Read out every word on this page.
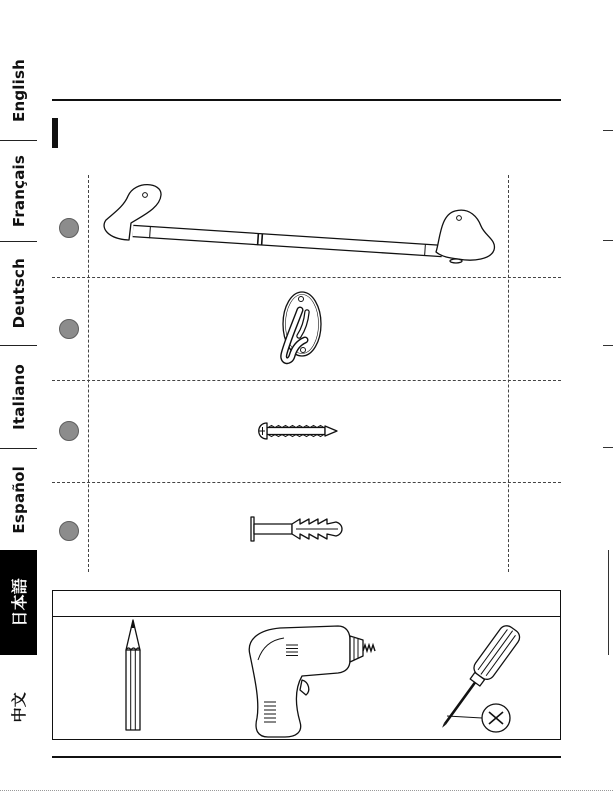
English
Français
Deutsch
Italiano
Español
日本語
中文
